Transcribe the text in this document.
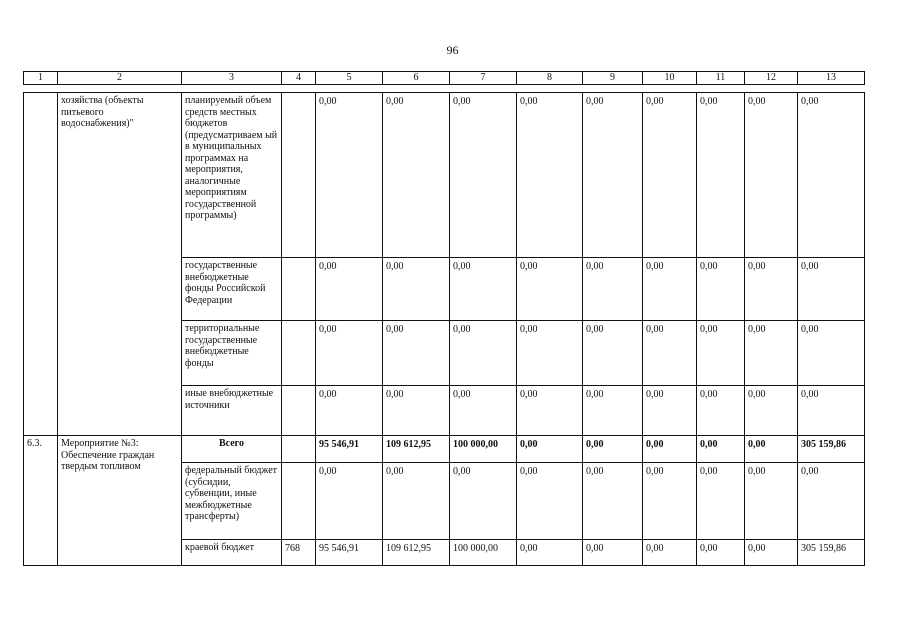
96
1	2	3	4	5	6	7	8	9	10	11	12	13
	хозяйства (объекты питьевого водоснабжения)"	планируемый объем средств местных бюджетов (предусматриваем ый в муниципальных программах на мероприятия, аналогичные мероприятиям государственной программы)		0,00	0,00	0,00	0,00	0,00	0,00	0,00	0,00	0,00
		государственные внебюджетные фонды Российской Федерации		0,00	0,00	0,00	0,00	0,00	0,00	0,00	0,00	0,00
		территориальные государственные внебюджетные фонды		0,00	0,00	0,00	0,00	0,00	0,00	0,00	0,00	0,00
		иные внебюджетные источники		0,00	0,00	0,00	0,00	0,00	0,00	0,00	0,00	0,00
6.3.	Мероприятие №3: Обеспечение граждан твердым топливом	Всего		95 546,91	109 612,95	100 000,00	0,00	0,00	0,00	0,00	0,00	305 159,86
		федеральный бюджет (субсидии, субвенции, иные межбюджетные трансферты)		0,00	0,00	0,00	0,00	0,00	0,00	0,00	0,00	0,00
		краевой бюджет	768	95 546,91	109 612,95	100 000,00	0,00	0,00	0,00	0,00	0,00	305 159,86
